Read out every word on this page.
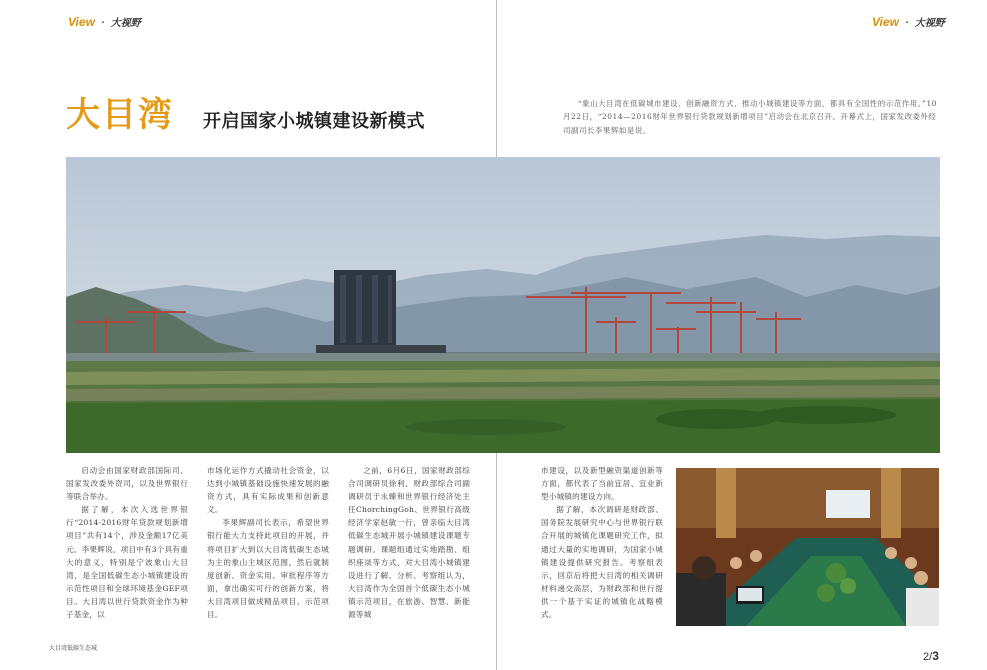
View · 大视野	View · 大视野
大目湾 开启国家小城镇建设新模式

“象山大目湾在低碳城市建设、创新融资方式、推动小城镇建设等方面，都具有全国性的示范作用。”10月22日，“2014—2016财年世界银行贷款规划新增项目”启动会在北京召开。开幕式上，国家发改委外经司副司长李果辉如是说。

启动会由国家财政部国际司、国家发改委外资司，以及世界银行等联合举办。

据了解，本次入选世界银行“2014-2016财年贷款规划新增项目”共有14个，涉及金额17亿美元。李果辉说，项目中有3个具有重大的意义，特别是宁波象山大目湾，是全国低碳生态小城镇建设的示范性项目和全球环境基金GEF项目。大目湾以世行贷款资金作为种子基金，以

市场化运作方式撬动社会资金，以达到小城镇基础设施快速发展的融资方式，具有实际成果和创新意义。

李果辉副司长表示，希望世界银行能大力支持此项目的开展，并将项目扩大到以大目湾低碳生态城为主的象山主城区范围，然后就制度创新、资金实用、审批程序等方面，拿出确实可行的创新方案，将大目湾项目做成精品项目、示范项目。

之前，6月6日，国家财政部综合司调研员徐利、财政部综合司副调研员于永臻和世界银行经济处主任ChorchingGoh、世界银行高级经济学家赵敏一行，曾亲临大目湾低碳生态城开展小城镇建设课题专题调研。课题组通过实地踏勘、组织座谈等方式，对大目湾小城镇建设进行了解、分析。考察组认为，大目湾作为全国首个低碳生态小城镇示范项目，在旅游、智慧、新能源等城

市建设，以及新型融资渠道创新等方面，都代表了当前宜居、宜业新型小城镇的建设方向。

据了解，本次调研是财政部、国务院发展研究中心与世界银行联合开展的城镇化课题研究工作，拟通过大量的实地调研，为国家小城镇建设提供研究报告。考察组表示，回京后将把大目湾的相关调研材料递交高层，为财政部和世行提供一个基于实证的城镇化战略模式。

大目湾低碳生态城
2/3
